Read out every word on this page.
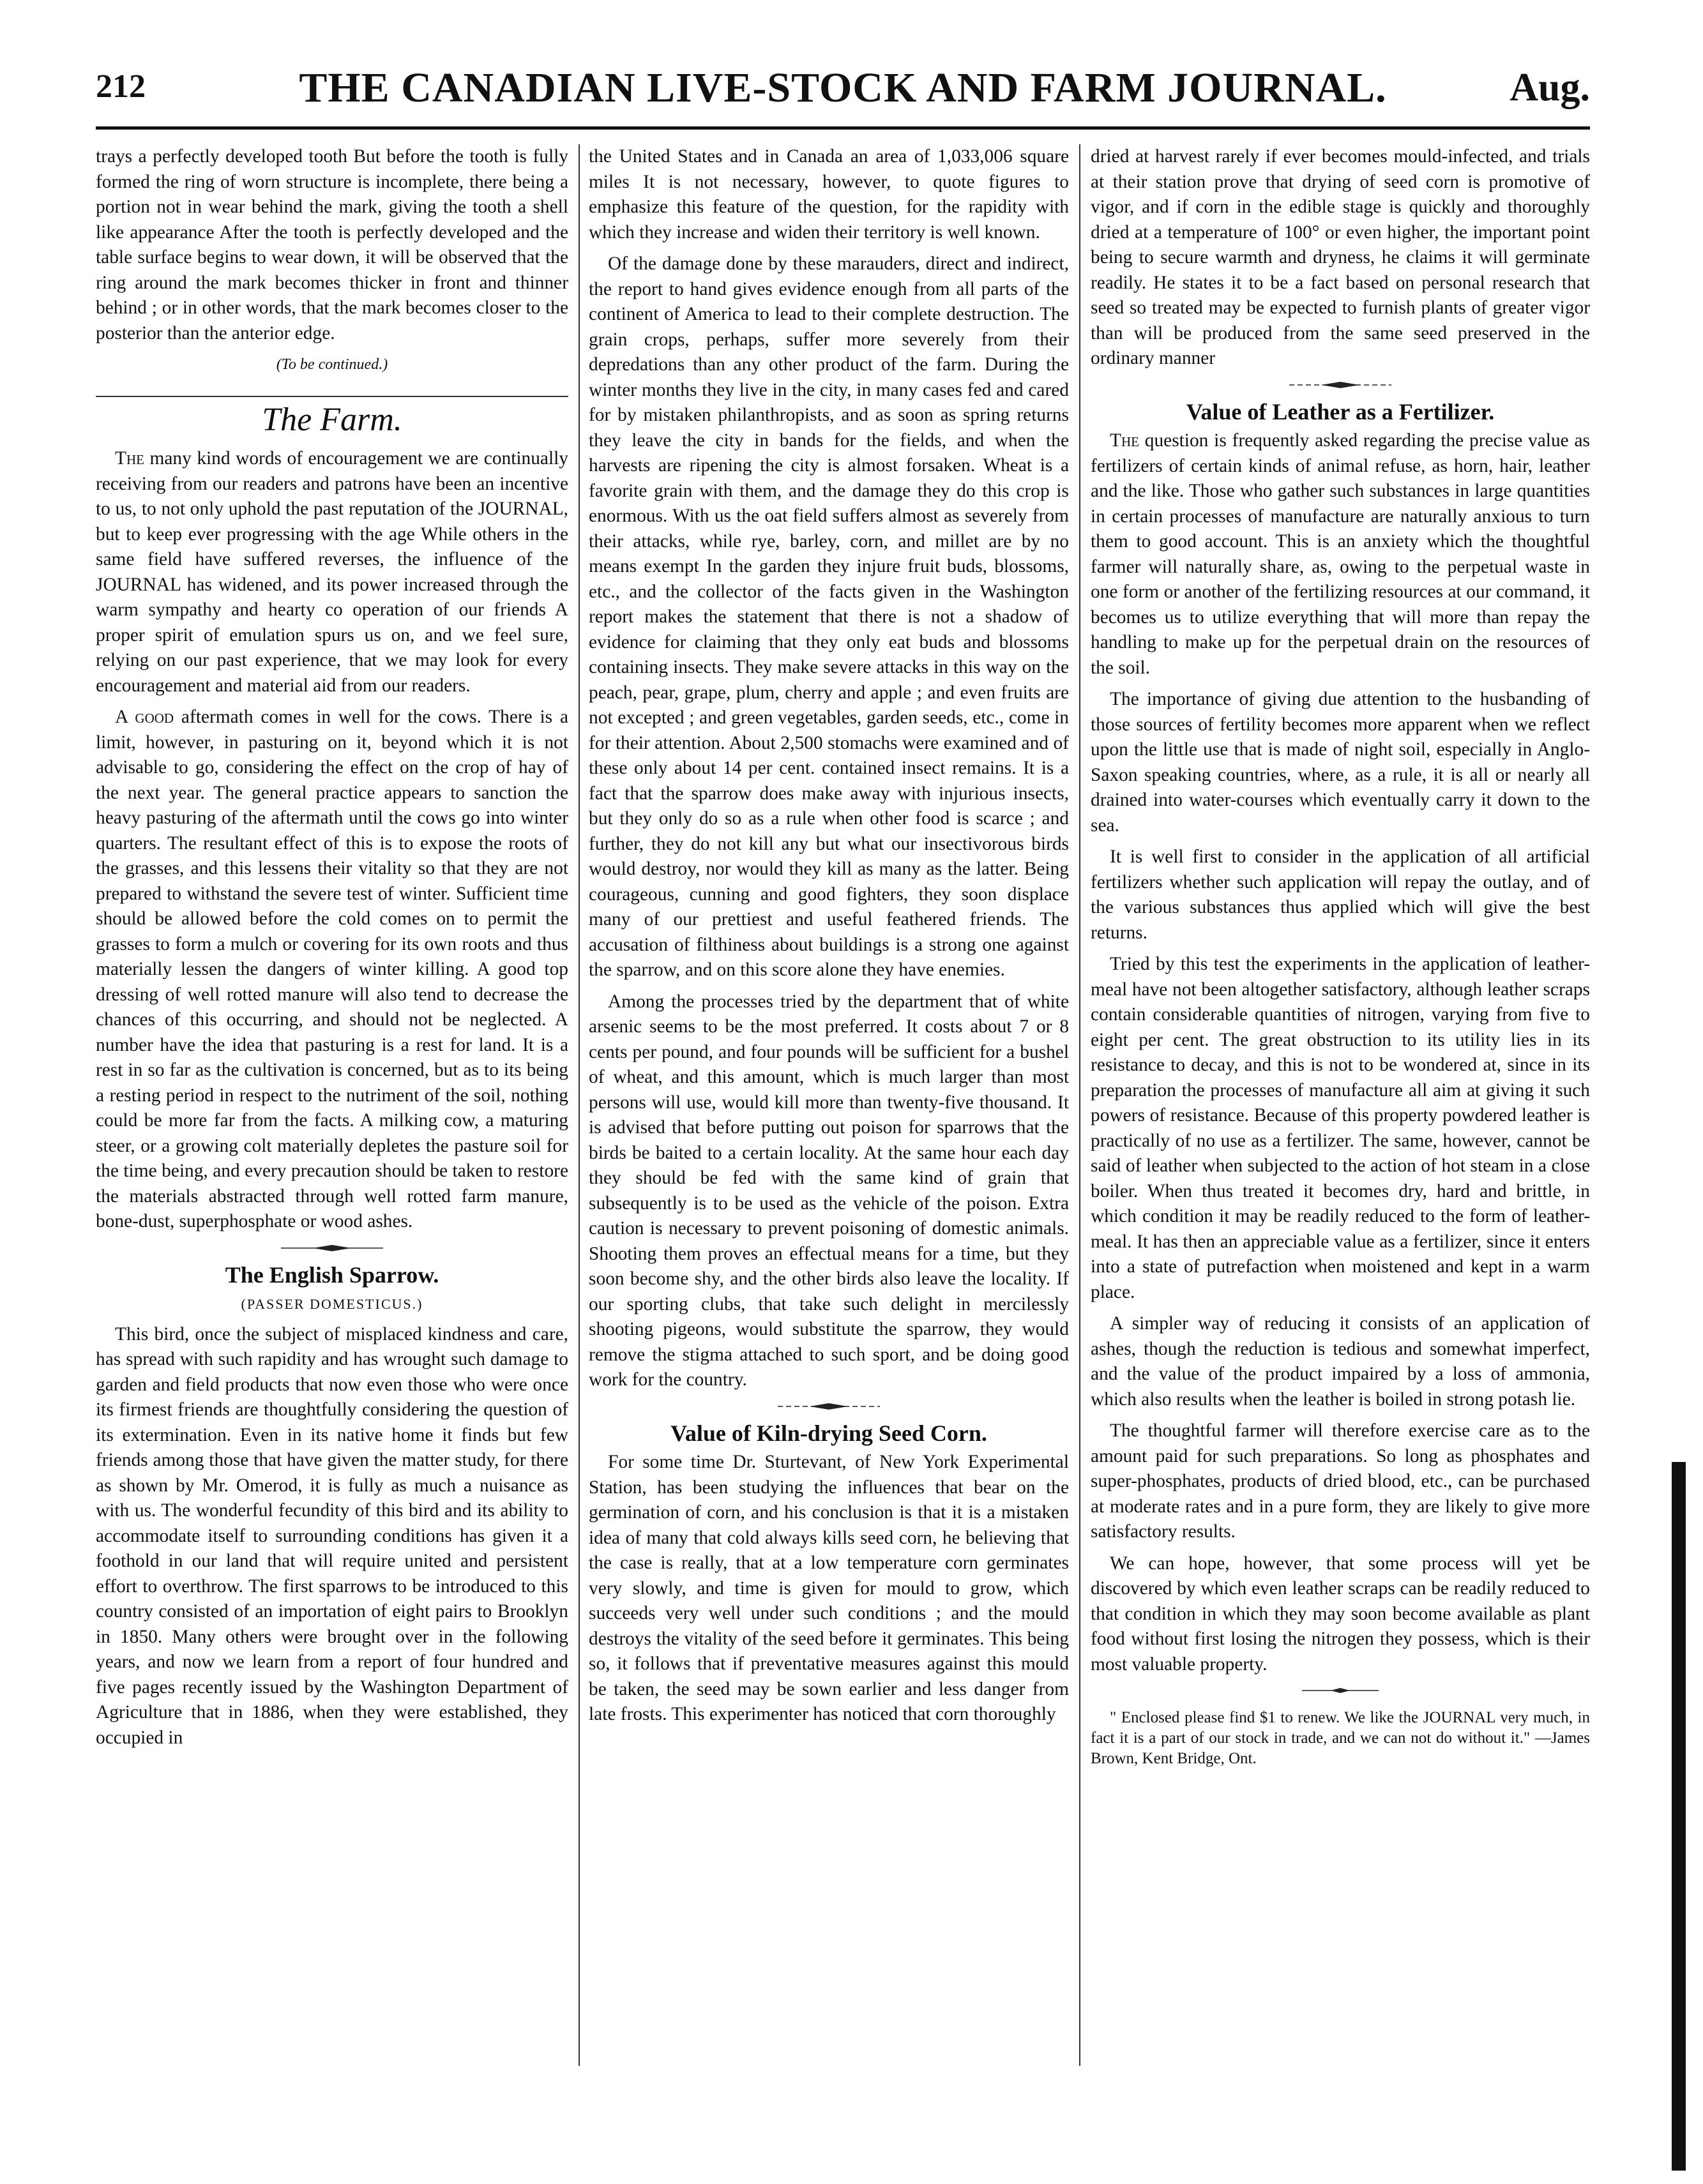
212	THE CANADIAN LIVE-STOCK AND FARM JOURNAL.	Aug.

trays a perfectly developed tooth But before the tooth is fully formed the ring of worn structure is incomplete, there being a portion not in wear behind the mark, giving the tooth a shell like appearance After the tooth is perfectly developed and the table surface begins to wear down, it will be observed that the ring around the mark becomes thicker in front and thinner behind ; or in other words, that the mark becomes closer to the posterior than the anterior edge.

(To be continued.)
The Farm.

The many kind words of encouragement we are continually receiving from our readers and patrons have been an incentive to us, to not only uphold the past reputation of the JOURNAL, but to keep ever progressing with the age While others in the same field have suffered reverses, the influence of the JOURNAL has widened, and its power increased through the warm sympathy and hearty co operation of our friends A proper spirit of emulation spurs us on, and we feel sure, relying on our past experience, that we may look for every encouragement and material aid from our readers.

A good aftermath comes in well for the cows. There is a limit, however, in pasturing on it, beyond which it is not advisable to go, considering the effect on the crop of hay of the next year. The general practice appears to sanction the heavy pasturing of the aftermath until the cows go into winter quarters. The resultant effect of this is to expose the roots of the grasses, and this lessens their vitality so that they are not prepared to withstand the severe test of winter. Sufficient time should be allowed before the cold comes on to permit the grasses to form a mulch or covering for its own roots and thus materially lessen the dangers of winter killing. A good top dressing of well rotted manure will also tend to decrease the chances of this occurring, and should not be neglected. A number have the idea that pasturing is a rest for land. It is a rest in so far as the cultivation is concerned, but as to its being a resting period in respect to the nutriment of the soil, nothing could be more far from the facts. A milking cow, a maturing steer, or a growing colt materially depletes the pasture soil for the time being, and every precaution should be taken to restore the materials abstracted through well rotted farm manure, bone-dust, superphosphate or wood ashes.

The English Sparrow.
(PASSER DOMESTICUS.)

This bird, once the subject of misplaced kindness and care, has spread with such rapidity and has wrought such damage to garden and field products that now even those who were once its firmest friends are thoughtfully considering the question of its extermination. Even in its native home it finds but few friends among those that have given the matter study, for there as shown by Mr. Omerod, it is fully as much a nuisance as with us. The wonderful fecundity of this bird and its ability to accommodate itself to surrounding conditions has given it a foothold in our land that will require united and persistent effort to overthrow. The first sparrows to be introduced to this country consisted of an importation of eight pairs to Brooklyn in 1850. Many others were brought over in the following years, and now we learn from a report of four hundred and five pages recently issued by the Washington Department of Agriculture that in 1886, when they were established, they occupied in

the United States and in Canada an area of 1,033,006 square miles It is not necessary, however, to quote figures to emphasize this feature of the question, for the rapidity with which they increase and widen their territory is well known.

Of the damage done by these marauders, direct and indirect, the report to hand gives evidence enough from all parts of the continent of America to lead to their complete destruction. The grain crops, perhaps, suffer more severely from their depredations than any other product of the farm. During the winter months they live in the city, in many cases fed and cared for by mistaken philanthropists, and as soon as spring returns they leave the city in bands for the fields, and when the harvests are ripening the city is almost forsaken. Wheat is a favorite grain with them, and the damage they do this crop is enormous. With us the oat field suffers almost as severely from their attacks, while rye, barley, corn, and millet are by no means exempt In the garden they injure fruit buds, blossoms, etc., and the collector of the facts given in the Washington report makes the statement that there is not a shadow of evidence for claiming that they only eat buds and blossoms containing insects. They make severe attacks in this way on the peach, pear, grape, plum, cherry and apple ; and even fruits are not excepted ; and green vegetables, garden seeds, etc., come in for their attention. About 2,500 stomachs were examined and of these only about 14 per cent. contained insect remains. It is a fact that the sparrow does make away with injurious insects, but they only do so as a rule when other food is scarce ; and further, they do not kill any but what our insectivorous birds would destroy, nor would they kill as many as the latter. Being courageous, cunning and good fighters, they soon displace many of our prettiest and useful feathered friends. The accusation of filthiness about buildings is a strong one against the sparrow, and on this score alone they have enemies.

Among the processes tried by the department that of white arsenic seems to be the most preferred. It costs about 7 or 8 cents per pound, and four pounds will be sufficient for a bushel of wheat, and this amount, which is much larger than most persons will use, would kill more than twenty-five thousand. It is advised that before putting out poison for sparrows that the birds be baited to a certain locality. At the same hour each day they should be fed with the same kind of grain that subsequently is to be used as the vehicle of the poison. Extra caution is necessary to prevent poisoning of domestic animals. Shooting them proves an effectual means for a time, but they soon become shy, and the other birds also leave the locality. If our sporting clubs, that take such delight in mercilessly shooting pigeons, would substitute the sparrow, they would remove the stigma attached to such sport, and be doing good work for the country.

Value of Kiln-drying Seed Corn.

For some time Dr. Sturtevant, of New York Experimental Station, has been studying the influences that bear on the germination of corn, and his conclusion is that it is a mistaken idea of many that cold always kills seed corn, he believing that the case is really, that at a low temperature corn germinates very slowly, and time is given for mould to grow, which succeeds very well under such conditions ; and the mould destroys the vitality of the seed before it germinates. This being so, it follows that if preventative measures against this mould be taken, the seed may be sown earlier and less danger from late frosts. This experimenter has noticed that corn thoroughly

dried at harvest rarely if ever becomes mould-infected, and trials at their station prove that drying of seed corn is promotive of vigor, and if corn in the edible stage is quickly and thoroughly dried at a temperature of 100° or even higher, the important point being to secure warmth and dryness, he claims it will germinate readily. He states it to be a fact based on personal research that seed so treated may be expected to furnish plants of greater vigor than will be produced from the same seed preserved in the ordinary manner

Value of Leather as a Fertilizer.

The question is frequently asked regarding the precise value as fertilizers of certain kinds of animal refuse, as horn, hair, leather and the like. Those who gather such substances in large quantities in certain processes of manufacture are naturally anxious to turn them to good account. This is an anxiety which the thoughtful farmer will naturally share, as, owing to the perpetual waste in one form or another of the fertilizing resources at our command, it becomes us to utilize everything that will more than repay the handling to make up for the perpetual drain on the resources of the soil.

The importance of giving due attention to the husbanding of those sources of fertility becomes more apparent when we reflect upon the little use that is made of night soil, especially in Anglo-Saxon speaking countries, where, as a rule, it is all or nearly all drained into water-courses which eventually carry it down to the sea.

It is well first to consider in the application of all artificial fertilizers whether such application will repay the outlay, and of the various substances thus applied which will give the best returns.

Tried by this test the experiments in the application of leather-meal have not been altogether satisfactory, although leather scraps contain considerable quantities of nitrogen, varying from five to eight per cent. The great obstruction to its utility lies in its resistance to decay, and this is not to be wondered at, since in its preparation the processes of manufacture all aim at giving it such powers of resistance. Because of this property powdered leather is practically of no use as a fertilizer. The same, however, cannot be said of leather when subjected to the action of hot steam in a close boiler. When thus treated it becomes dry, hard and brittle, in which condition it may be readily reduced to the form of leather-meal. It has then an appreciable value as a fertilizer, since it enters into a state of putrefaction when moistened and kept in a warm place.

A simpler way of reducing it consists of an application of ashes, though the reduction is tedious and somewhat imperfect, and the value of the product impaired by a loss of ammonia, which also results when the leather is boiled in strong potash lie.

The thoughtful farmer will therefore exercise care as to the amount paid for such preparations. So long as phosphates and super-phosphates, products of dried blood, etc., can be purchased at moderate rates and in a pure form, they are likely to give more satisfactory results.

We can hope, however, that some process will yet be discovered by which even leather scraps can be readily reduced to that condition in which they may soon become available as plant food without first losing the nitrogen they possess, which is their most valuable property.

" Enclosed please find $1 to renew. We like the JOURNAL very much, in fact it is a part of our stock in trade, and we can not do without it." —James Brown, Kent Bridge, Ont.
